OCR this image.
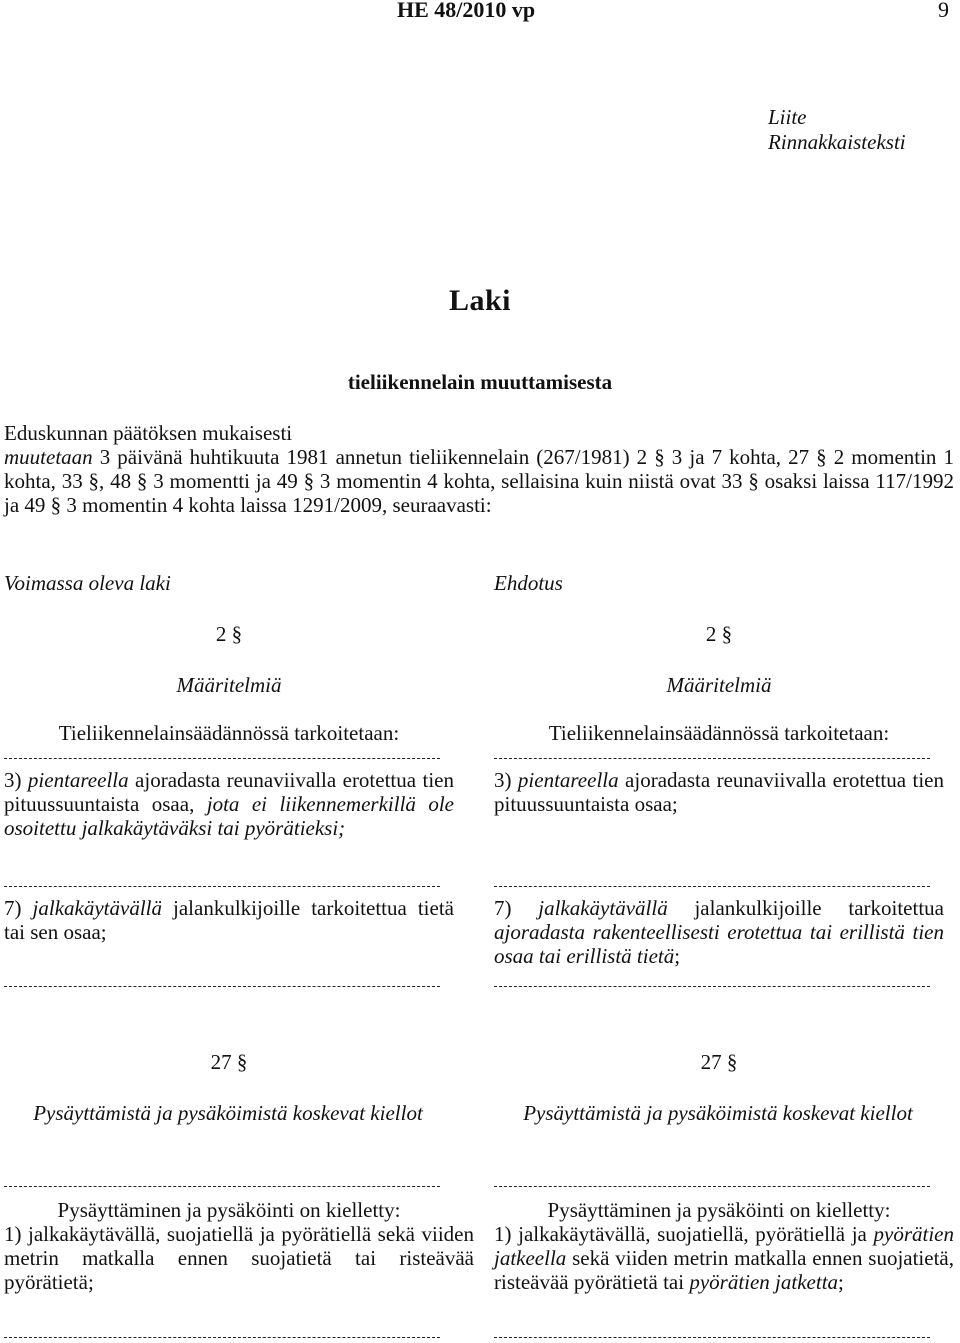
HE 48/2010 vp	9
Liite
Rinnakkaisteksti
Laki
tieliikennelain muuttamisesta

Eduskunnan päätöksen mukaisesti

muutetaan 3 päivänä huhtikuuta 1981 annetun tieliikennelain (267/1981) 2 § 3 ja 7 kohta, 27 § 2 momentin 1 kohta, 33 §, 48 § 3 momentti ja 49 § 3 momentin 4 kohta, sellaisina kuin niistä ovat 33 § osaksi laissa 117/1992 ja 49 § 3 momentin 4 kohta laissa 1291/2009, seuraavasti:

Voimassa oleva laki	Ehdotus
2 §
Määritelmiä
Tieliikennelainsäädännössä tarkoitetaan:

3) pientareella ajoradasta reunaviivalla erotettua tien pituussuuntaista osaa, jota ei liikennemerkillä ole osoitettu jalkakäytäväksi tai pyörätieksi;

7) jalkakäytävällä jalankulkijoille tarkoitettua tietä tai sen osaa;

2 §
Määritelmiä
Tieliikennelainsäädännössä tarkoitetaan:

3) pientareella ajoradasta reunaviivalla erotettua tien pituussuuntaista osaa;

7) jalkakäytävällä jalankulkijoille tarkoitettua ajoradasta rakenteellisesti erotettua tai erillistä tien osaa tai erillistä tietä;

27 §
Pysäyttämistä ja pysäköimistä koskevat kiellot
Pysäyttäminen ja pysäköinti on kielletty:

1) jalkakäytävällä, suojatiellä ja pyörätiellä sekä viiden metrin matkalla ennen suojatietä tai risteävää pyörätietä;

27 §
Pysäyttämistä ja pysäköimistä koskevat kiellot
Pysäyttäminen ja pysäköinti on kielletty:

1) jalkakäytävällä, suojatiellä, pyörätiellä ja pyörätien jatkeella sekä viiden metrin matkalla ennen suojatietä, risteävää pyörätietä tai pyörätien jatketta;
